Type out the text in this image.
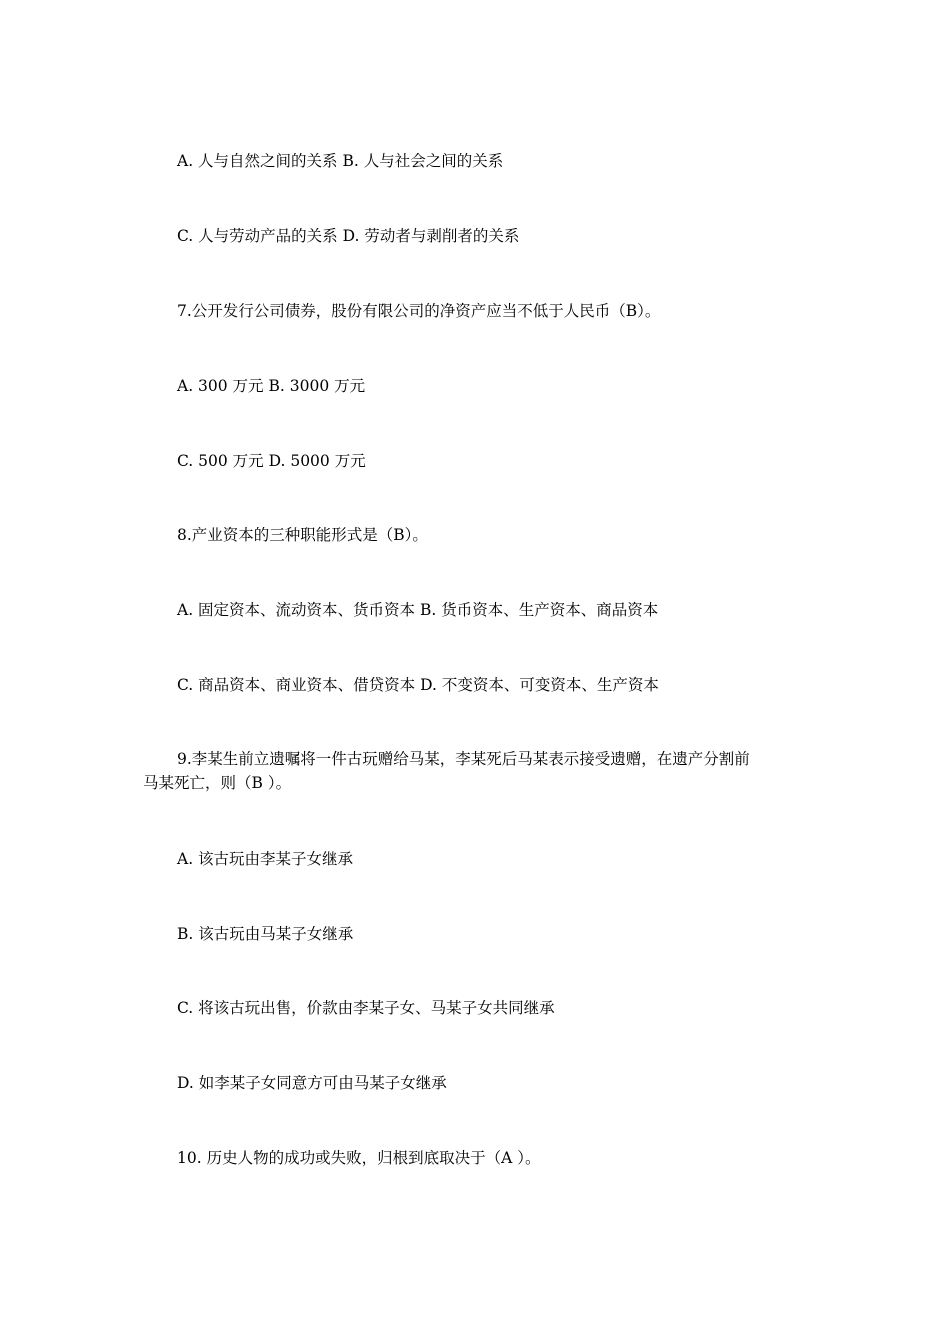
A. 人与自然之间的关系 B. 人与社会之间的关系
C. 人与劳动产品的关系 D. 劳动者与剥削者的关系
7.公开发行公司债券，股份有限公司的净资产应当不低于人民币（B）。
A. 300 万元 B. 3000 万元
C. 500 万元 D. 5000 万元
8.产业资本的三种职能形式是（B）。
A. 固定资本、流动资本、货币资本 B. 货币资本、生产资本、商品资本
C. 商品资本、商业资本、借贷资本 D. 不变资本、可变资本、生产资本
9.李某生前立遗嘱将一件古玩赠给马某，李某死后马某表示接受遗赠，在遗产分割前
马某死亡，则（B ）。
A. 该古玩由李某子女继承
B. 该古玩由马某子女继承
C. 将该古玩出售，价款由李某子女、马某子女共同继承
D. 如李某子女同意方可由马某子女继承
10. 历史人物的成功或失败，归根到底取决于（A ）。
